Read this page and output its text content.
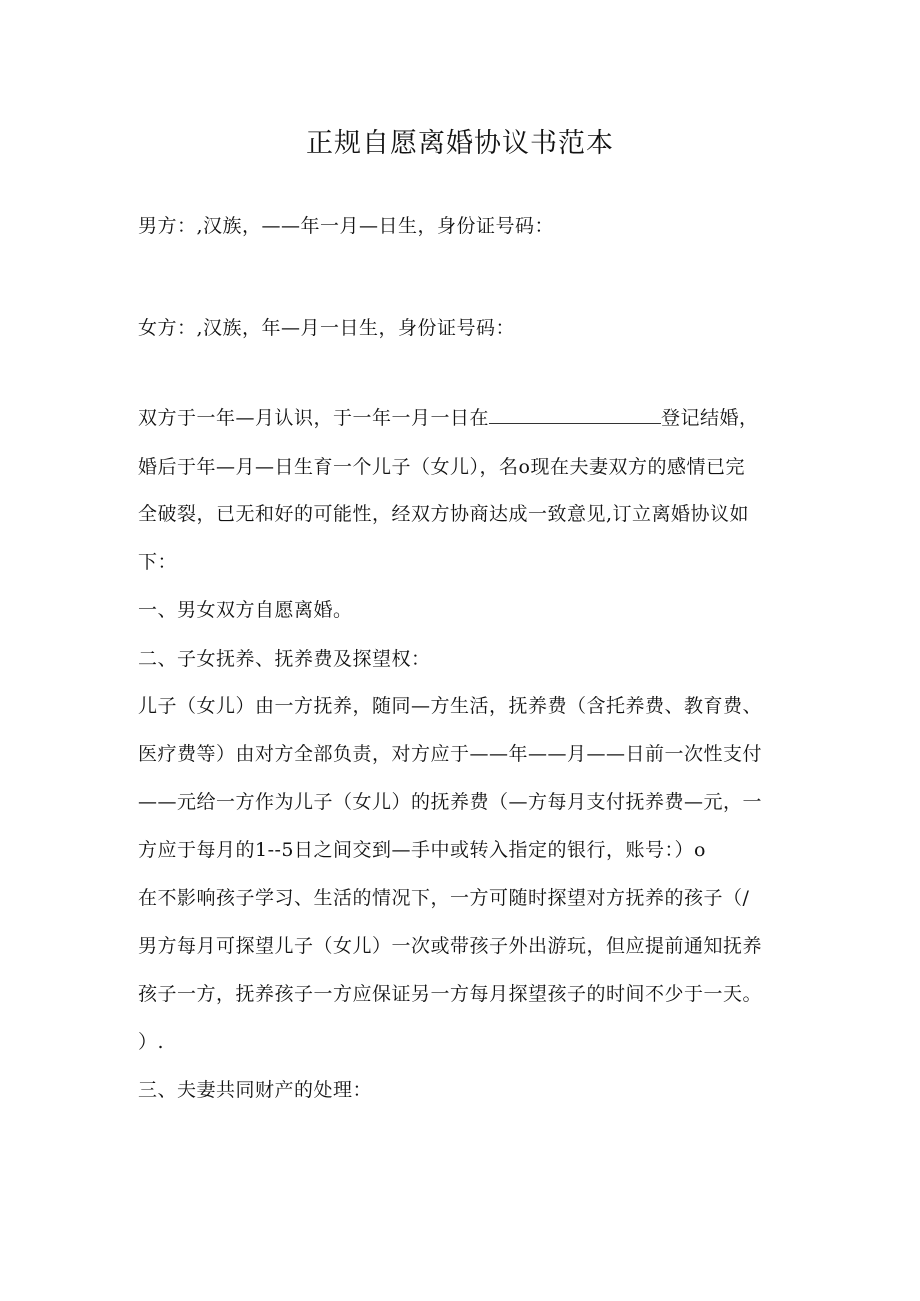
正规自愿离婚协议书范本
男方：,汉族，——年一月—日生，身份证号码：
女方：,汉族，年—月一日生，身份证号码：
双方于一年—月认识，于一年一月一日在	登记结婚，
婚后于年—月—日生育一个儿子（女儿），名o现在夫妻双方的感情已完
全破裂，已无和好的可能性，经双方协商达成一致意见,订立离婚协议如
下：
一、男女双方自愿离婚。
二、子女抚养、抚养费及探望权：
儿子（女儿）由一方抚养，随同—方生活，抚养费（含托养费、教育费、
医疗费等）由对方全部负责，对方应于——年——月——日前一次性支付
——元给一方作为儿子（女儿）的抚养费（—方每月支付抚养费—元，一
方应于每月的1--5日之间交到—手中或转入指定的银行，账号：）o
在不影响孩子学习、生活的情况下，一方可随时探望对方抚养的孩子（/
男方每月可探望儿子（女儿）一次或带孩子外出游玩，但应提前通知抚养
孩子一方，抚养孩子一方应保证另一方每月探望孩子的时间不少于一天。
）.
三、夫妻共同财产的处理：
